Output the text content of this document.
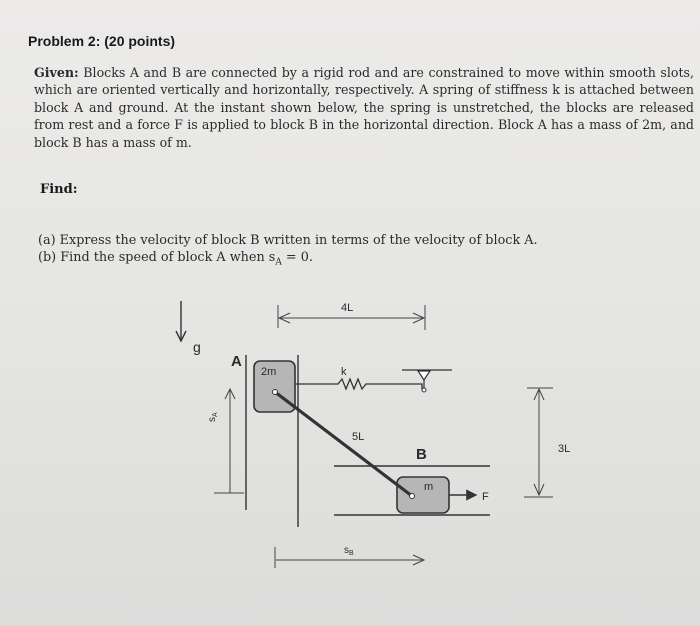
Problem 2: (20 points)
Given: Blocks A and B are connected by a rigid rod and are constrained to move within smooth slots, which are oriented vertically and horizontally, respectively. A spring of stiffness k is attached between block A and ground. At the instant shown below, the spring is unstretched, the blocks are released from rest and a force F is applied to block B in the horizontal direction. Block A has a mass of 2m, and block B has a mass of m.
Find:
(a) Express the velocity of block B written in terms of the velocity of block A.
(b) Find the speed of block A when $s_A = 0$.
g
4L
A
2m
B
m
5L
k
$s_A$
F
3L
$s_B$
